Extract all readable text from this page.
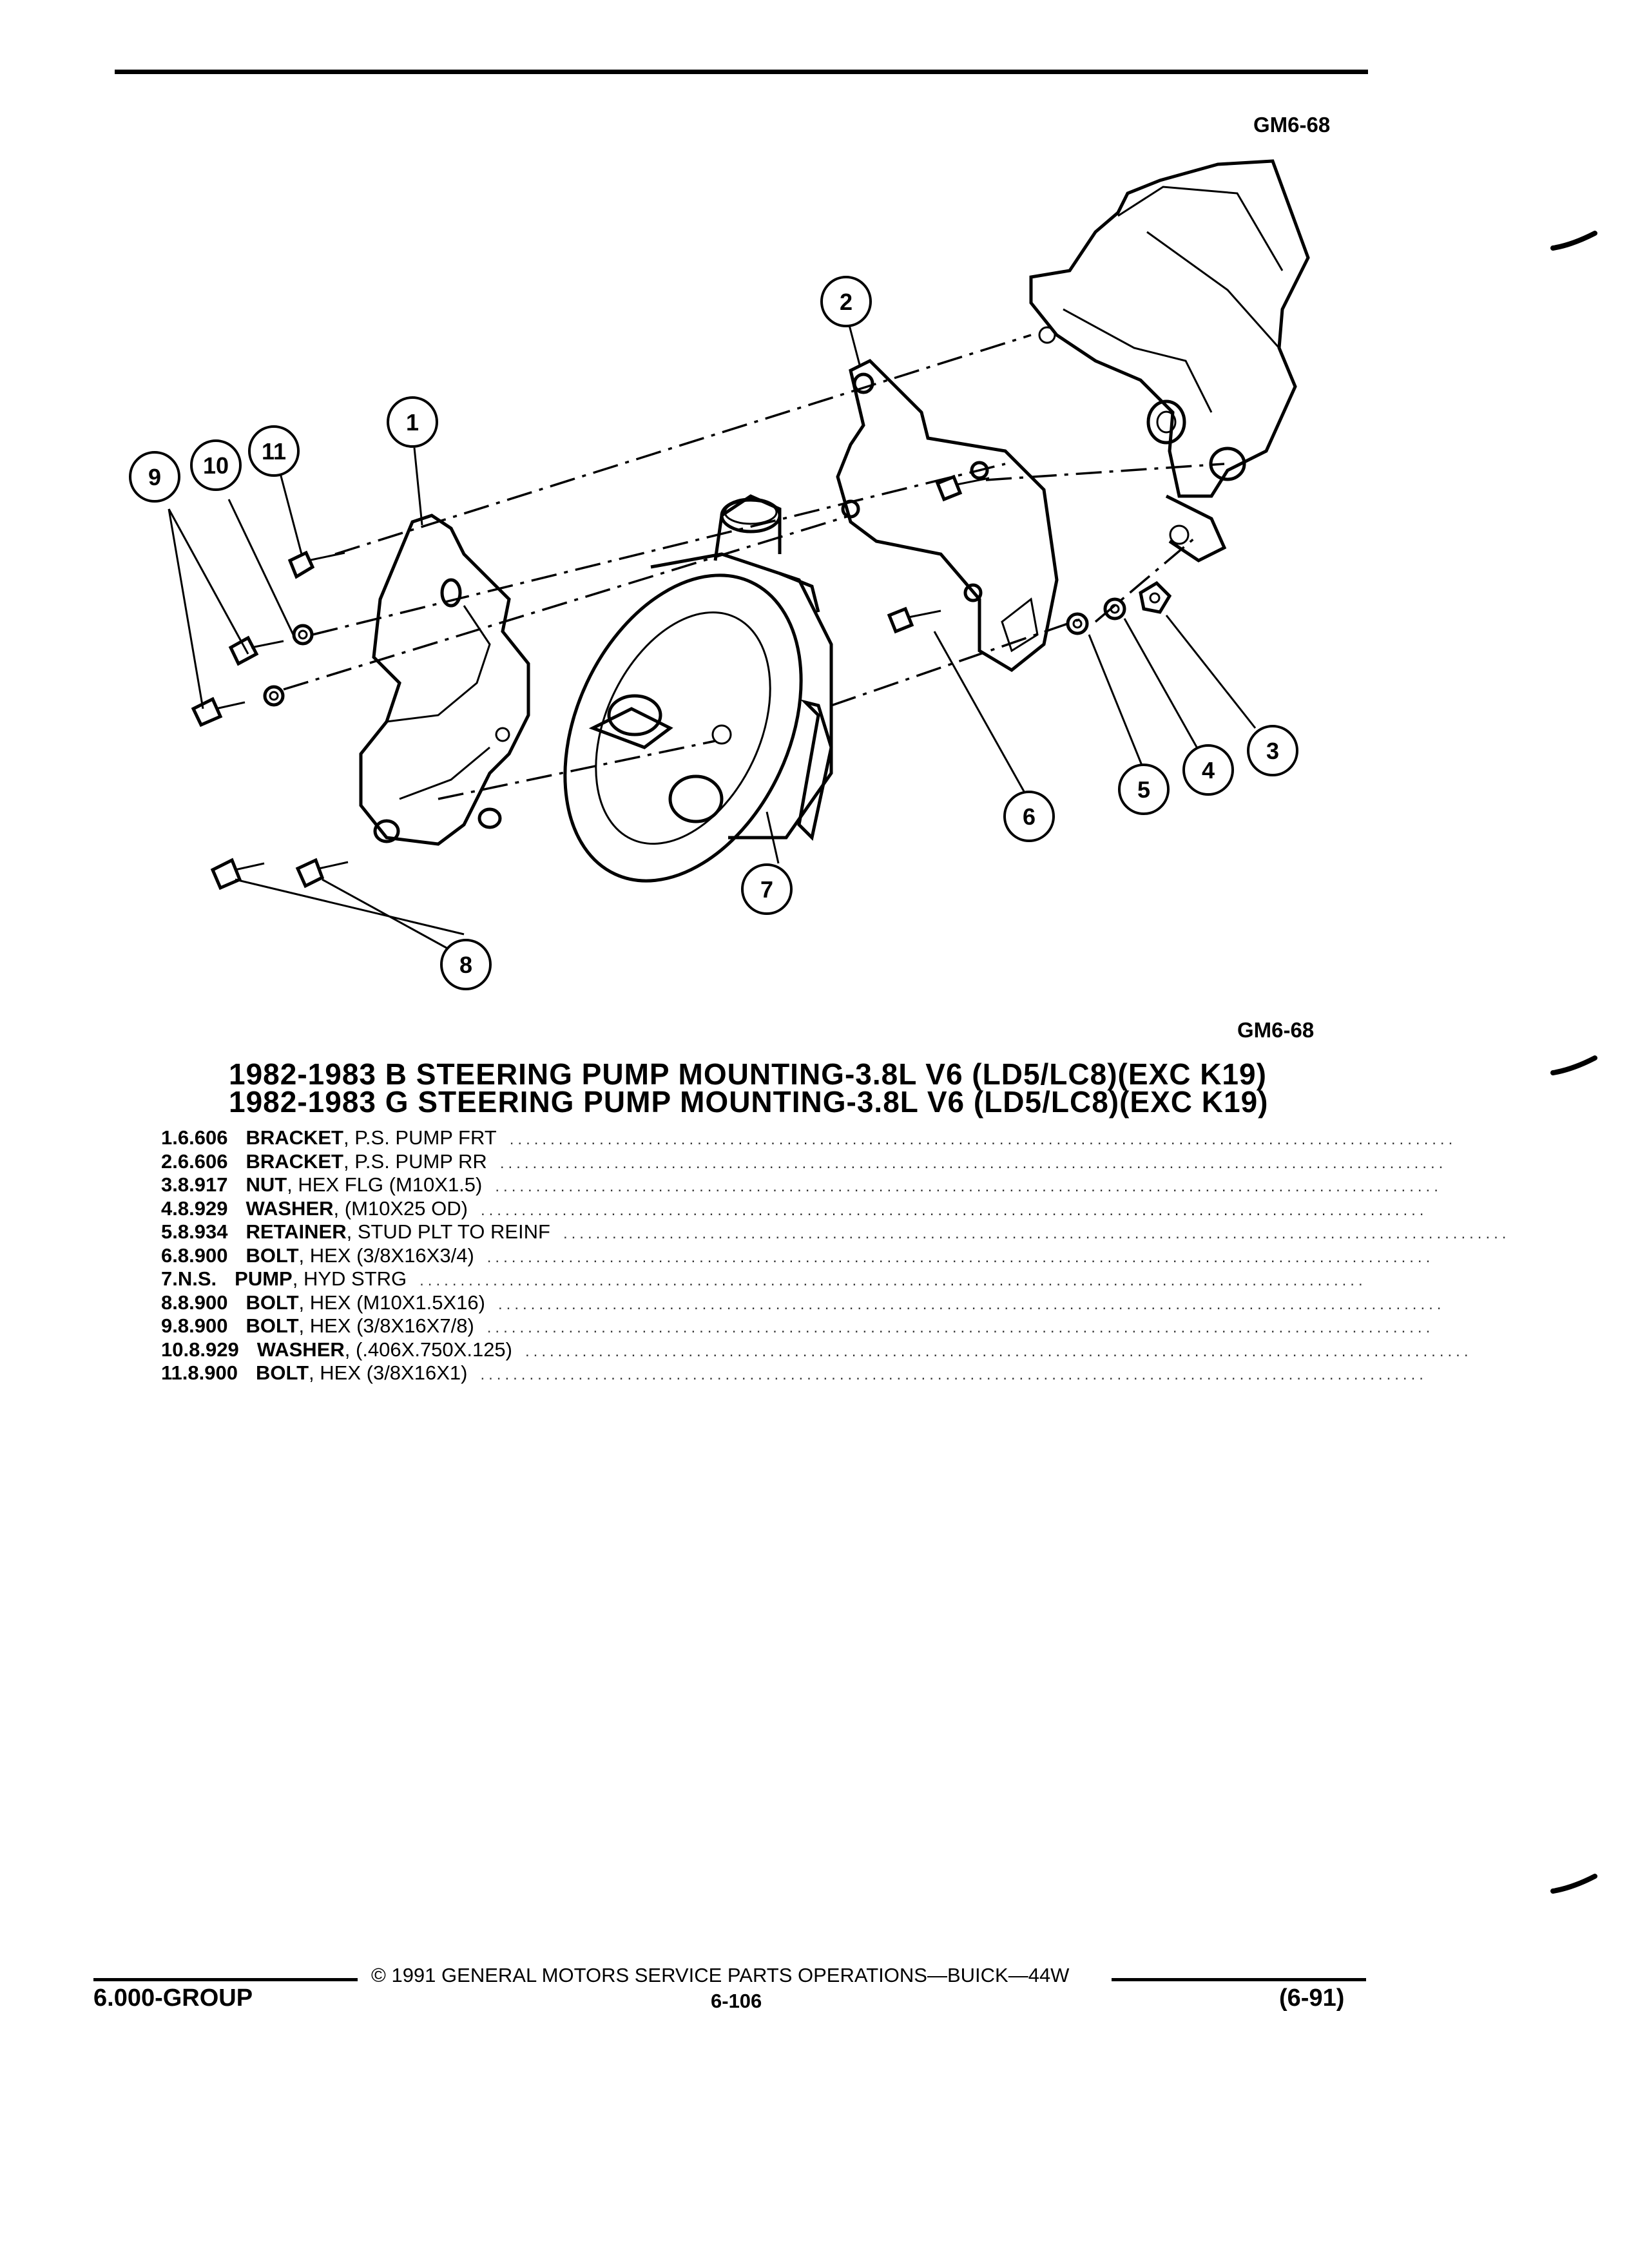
GM6-68
1
2
3
4
5
6
7
8
9 10
11
GM6-68
1982-1983 B STEERING PUMP MOUNTING-3.8L V6 (LD5/LC8)(EXC K19)
1982-1983 G STEERING PUMP MOUNTING-3.8L V6 (LD5/LC8)(EXC K19)
1. 6.606 BRACKET , P.S. PUMP FRT ....................................................................................................................
2. 6.606 BRACKET , P.S. PUMP RR ....................................................................................................................
3. 8.917 NUT , HEX FLG (M10X1.5) ....................................................................................................................
4. 8.929 WASHER , (M10X25 OD) ....................................................................................................................
5. 8.934 RETAINER , STUD PLT TO REINF ....................................................................................................................
6. 8.900 BOLT , HEX (3/8X16X3/4) ....................................................................................................................
7. N.S. PUMP , HYD STRG ....................................................................................................................
8. 8.900 BOLT , HEX (M10X1.5X16) ....................................................................................................................
9. 8.900 BOLT , HEX (3/8X16X7/8) ....................................................................................................................
10. 8.929 WASHER , (.406X.750X.125) ....................................................................................................................
11. 8.900 BOLT , HEX (3/8X16X1) ....................................................................................................................
© 1991 GENERAL MOTORS SERVICE PARTS OPERATIONS—BUICK—44W
6.000-GROUP	6-106	(6-91)
